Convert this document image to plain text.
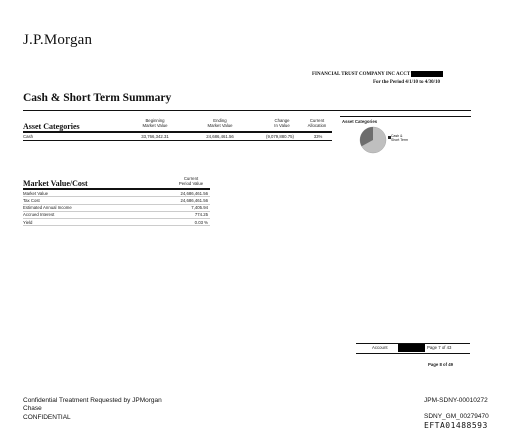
J.P.Morgan
FINANCIAL TRUST COMPANY INC ACCT
For the Period 4/1/10 to 4/30/10
Cash & Short Term Summary
Beginning
Market Value
Ending
Market Value
Change
In Value
Current
Allocation
Asset Categories
Cash	33,766,342.31	24,686,461.56	(9,079,880.75)	33%
Asset Categories
Cash &
Short Term
Current
Period Value
Market Value/Cost
Market Value	24,686,461.56
Tax Cost	24,686,461.56
Estimated Annual Income	7,405.94
Accrued Interest	774.25
Yield	0.03 %
Account	Page 7 of 43
Page 8 of 49
Confidential Treatment Requested by JPMorgan
Chase
CONFIDENTIAL
JPM-SDNY-00010272
SDNY_GM_00279470
EFTA01488593
